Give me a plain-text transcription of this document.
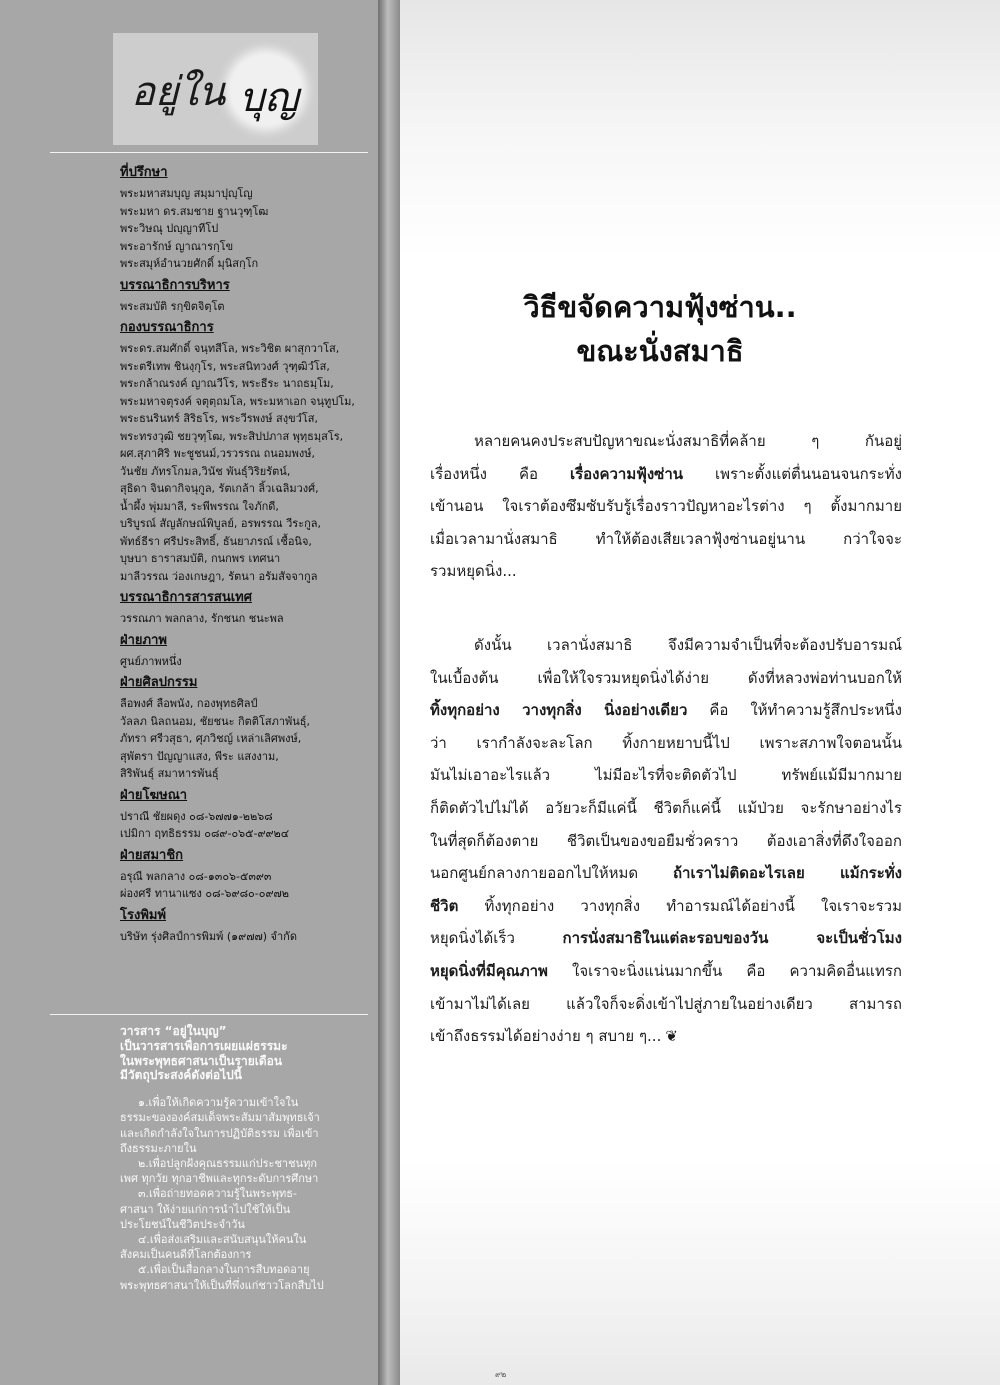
อยู่ใน บุญ
ที่ปรึกษา
พระมหาสมบุญ สมฺมาปุญฺโญ
พระมหา ดร.สมชาย ฐานวุฑฺโฒ
พระวิษณุ ปญฺญาทีโป
พระอารักษ์ ญาณารกฺโข
พระสมุห์อำนวยศักดิ์ มุนิสกฺโก
บรรณาธิการบริหาร
พระสมบัติ รกฺขิตจิตฺโต
กองบรรณาธิการ
พระดร.สมศักดิ์ จนฺทสีโล, พระวิชิต ผาสุกวาโส,
พระตรีเทพ ชินงฺกุโร, พระสนิทวงศ์ วุฑฺฒิวํโส,
พระกล้าณรงค์ ญาณวีโร, พระธีระ นาถธมฺโม,
พระมหาจตุรงค์ จตุตฺถมโล, พระมหาเอก จนฺทูปโม,
พระธนรินทร์ สิริธโร, พระวีรพงษ์ สงฺขวํโส,
พระทรงวุฒิ ชยวุฑฺโฒ, พระสิปปภาส พุทฺธมฺสโร,
ผศ.สุภาศิริ พะชูชนม์,วรวรรณ ถนอมพงษ์,
วันชัย ภัทรโกมล,วินัช พันธุ์วิริยรัตน์,
สุธิดา จินดากิจนุกูล, รัตเกล้า ลิ้วเฉลิมวงศ์,
น้ำผึ้ง พุ่มมาลี, ระพีพรรณ ใจภักดี,
บริบูรณ์ สัญลักษณ์พิบูลย์, อรพรรณ วีระกูล,
พัทธ์ธีรา ศรีประสิทธิ์, ธันยาภรณ์ เชื้อนิจ,
บุษบา ธาราสมบัติ, กนกพร เทศนา
มาลีวรรณ ว่องเกษฎา, รัตนา อรัมสัจจากูล
บรรณาธิการสารสนเทศ
วรรณภา พลกลาง, รักชนก ชนะพล
ฝ่ายภาพ
ศูนย์ภาพหนึ่ง
ฝ่ายศิลปกรรม
ลือพงศ์ ลือพนัง, กองพุทธศิลป์
วัลลภ นิลถนอม, ชัยชนะ กิตติโสภาพันธุ์,
ภัทรา ศรีวสุธา, ศุภวิชญ์ เหล่าเลิศพงษ์,
สุพัตรา ปัญญาแสง, พีระ แสงงาม,
สิริพันธุ์ สมาหารพันธุ์
ฝ่ายโฆษณา
ปราณี ชัยผดุง ๐๘-๖๗๗๑-๒๒๖๘
เปมิกา ฤทธิธรรม ๐๘๙-๐๖๕-๙๙๒๔
ฝ่ายสมาชิก
อรุณี พลกลาง ๐๘-๑๓๐๖-๕๓๙๓
ผ่องศรี ทานาแซง ๐๘-๖๙๘๐-๐๙๗๒
โรงพิมพ์
บริษัท รุ่งศิลป์การพิมพ์ (๑๙๗๗) จำกัด
วารสาร “อยู่ในบุญ”
เป็นวารสารเพื่อการเผยแผ่ธรรมะ
ในพระพุทธศาสนาเป็นรายเดือน
มีวัตถุประสงค์ดังต่อไปนี้
๑.เพื่อให้เกิดความรู้ความเข้าใจใน
ธรรมะขององค์สมเด็จพระสัมมาสัมพุทธเจ้า
และเกิดกำลังใจในการปฏิบัติธรรม เพื่อเข้า
ถึงธรรมะภายใน
๒.เพื่อปลูกฝังคุณธรรมแก่ประชาชนทุก
เพศ ทุกวัย ทุกอาชีพและทุกระดับการศึกษา
๓.เพื่อถ่ายทอดความรู้ในพระพุทธ-
ศาสนา ให้ง่ายแก่การนำไปใช้ให้เป็น
ประโยชน์ในชีวิตประจำวัน
๔.เพื่อส่งเสริมและสนับสนุนให้คนใน
สังคมเป็นคนดีที่โลกต้องการ
๕.เพื่อเป็นสื่อกลางในการสืบทอดอายุ
พระพุทธศาสนาให้เป็นที่พึ่งแก่ชาวโลกสืบไป
วิธีขจัดความฟุ้งซ่าน..
ขณะนั่งสมาธิ
หลายคนคงประสบปัญหาขณะนั่งสมาธิที่คล้าย ๆ กันอยู่
เรื่องหนึ่ง คือ เรื่องความฟุ้งซ่าน เพราะตั้งแต่ตื่นนอนจนกระทั่ง
เข้านอน ใจเราต้องซึมซับรับรู้เรื่องราวปัญหาอะไรต่าง ๆ ตั้งมากมาย
เมื่อเวลามานั่งสมาธิ ทำให้ต้องเสียเวลาฟุ้งซ่านอยู่นาน กว่าใจจะ
รวมหยุดนิ่ง...
ดังนั้น เวลานั่งสมาธิ จึงมีความจำเป็นที่จะต้องปรับอารมณ์
ในเบื้องต้น เพื่อให้ใจรวมหยุดนิ่งได้ง่าย ดังที่หลวงพ่อท่านบอกให้
ทิ้งทุกอย่าง วางทุกสิ่ง นิ่งอย่างเดียว คือ ให้ทำความรู้สึกประหนึ่ง
ว่า เรากำลังจะละโลก ทิ้งกายหยาบนี้ไป เพราะสภาพใจตอนนั้น
มันไม่เอาอะไรแล้ว ไม่มีอะไรที่จะติดตัวไป ทรัพย์แม้มีมากมาย
ก็ติดตัวไปไม่ได้ อวัยวะก็มีแค่นี้ ชีวิตก็แค่นี้ แม้ป่วย จะรักษาอย่างไร
ในที่สุดก็ต้องตาย ชีวิตเป็นของขอยืมชั่วคราว ต้องเอาสิ่งที่ดึงใจออก
นอกศูนย์กลางกายออกไปให้หมด ถ้าเราไม่ติดอะไรเลย แม้กระทั่ง
ชีวิต ทิ้งทุกอย่าง วางทุกสิ่ง ทำอารมณ์ได้อย่างนี้ ใจเราจะรวม
หยุดนิ่งได้เร็ว การนั่งสมาธิในแต่ละรอบของวัน จะเป็นชั่วโมง
หยุดนิ่งที่มีคุณภาพ ใจเราจะนิ่งแน่นมากขึ้น คือ ความคิดอื่นแทรก
เข้ามาไม่ได้เลย แล้วใจก็จะดิ่งเข้าไปสู่ภายในอย่างเดียว สามารถ
เข้าถึงธรรมได้อย่างง่าย ๆ สบาย ๆ... ❦
๙๒
